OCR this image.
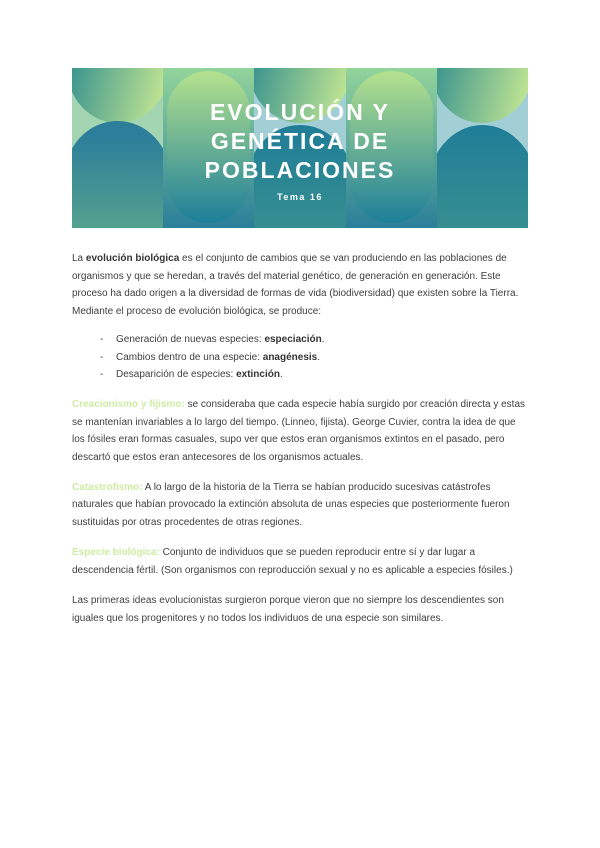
EVOLUCIÓN Y
GENÉTICA DE
POBLACIONES
Tema 16

La evolución biológica es el conjunto de cambios que se van produciendo en las poblaciones de organismos y que se heredan, a través del material genético, de generación en generación. Este proceso ha dado origen a la diversidad de formas de vida (biodiversidad) que existen sobre la Tierra.

Mediante el proceso de evolución biológica, se produce:

-	Generación de nuevas especies: especiación.
-	Cambios dentro de una especie: anagénesis.
-	Desaparición de especies: extinción.

Creacionismo y fijismo: se consideraba que cada especie había surgido por creación directa y estas se mantenían invariables a lo largo del tiempo. (Linneo, fijista). George Cuvier, contra la idea de que los fósiles eran formas casuales, supo ver que estos eran organismos extintos en el pasado, pero descartó que estos eran antecesores de los organismos actuales.

Catastrofismo: A lo largo de la historia de la Tierra se habían producido sucesivas catástrofes naturales que habían provocado la extinción absoluta de unas especies que posteriormente fueron sustituidas por otras procedentes de otras regiones.

Especie biológica: Conjunto de individuos que se pueden reproducir entre sí y dar lugar a descendencia fértil. (Son organismos con reproducción sexual y no es aplicable a especies fósiles.)

Las primeras ideas evolucionistas surgieron porque vieron que no siempre los descendientes son iguales que los progenitores y no todos los individuos de una especie son similares.
